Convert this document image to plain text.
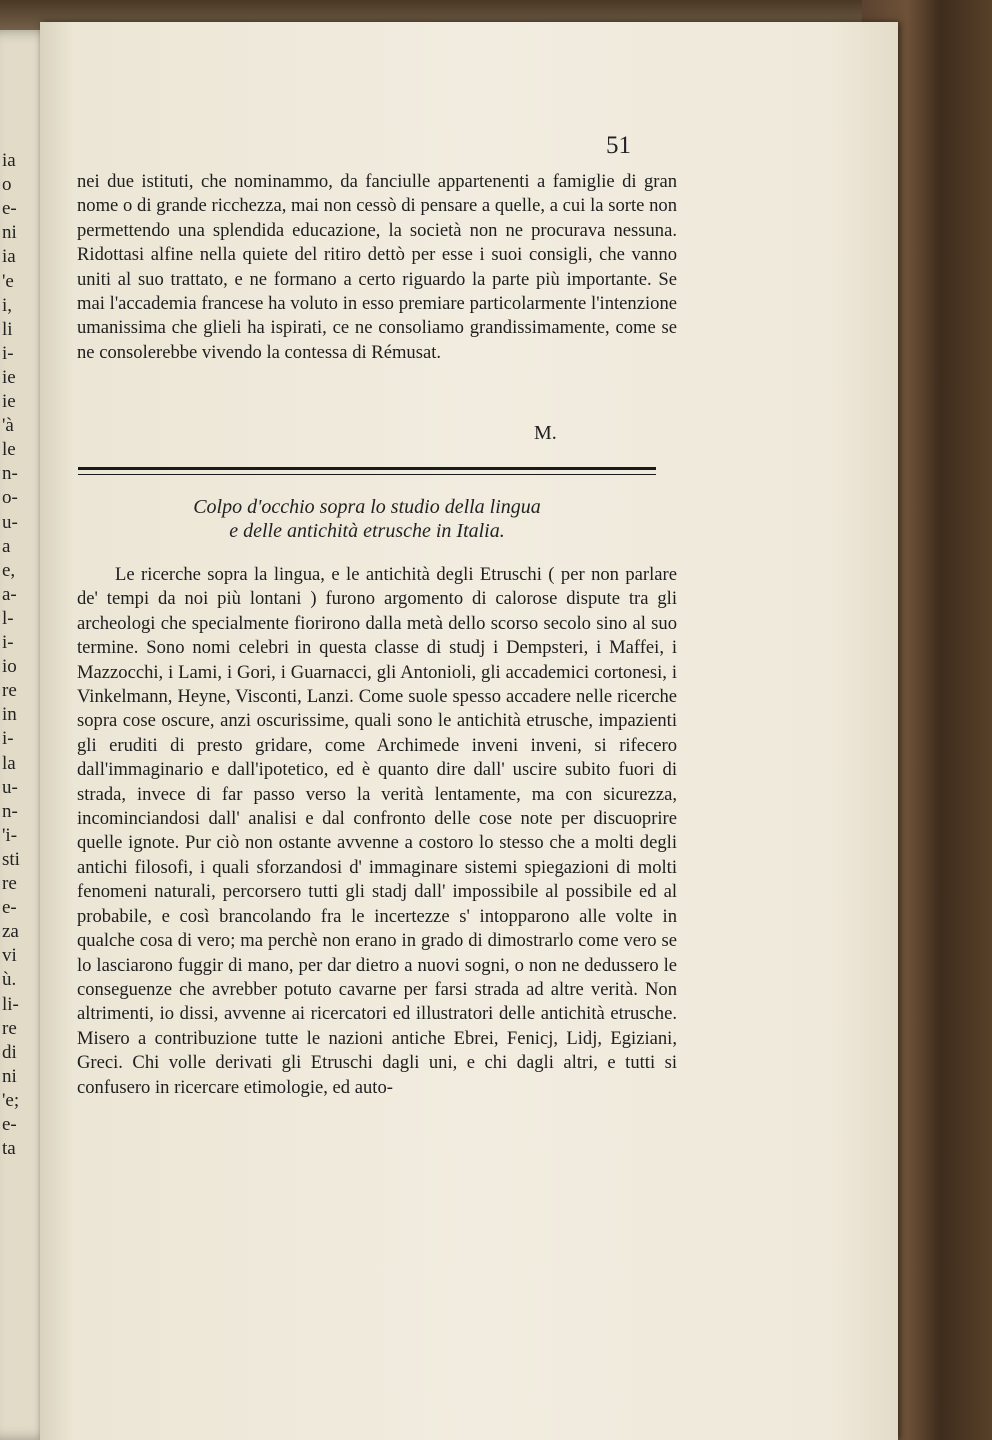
ia

o

e-

ni

ia

'e

i,

li

i-

ie

ie

'à

le

n-

o-

u-

a

e,

a-

l-

i-

io

re

in

i-

la

u-

n-

'i-

sti

re

e-

za

vi

ù.

li-

re

di

ni

'e;

e-

ta

51

nei due istituti, che nominammo, da fanciulle appartenenti a famiglie di gran nome o di grande ricchezza, mai non cessò di pensare a quelle, a cui la sorte non permettendo una splendida educazione, la società non ne procurava nessuna. Ridottasi alfine nella quiete del ritiro dettò per esse i suoi consigli, che vanno uniti al suo trattato, e ne formano a certo riguardo la parte più importante. Se mai l'accademia francese ha voluto in esso premiare particolarmente l'intenzione umanissima che glieli ha ispirati, ce ne consoliamo grandissimamente, come se ne consolerebbe vivendo la contessa di Rémusat.

M.

Colpo d'occhio sopra lo studio della lingua

e delle antichità etrusche in Italia.

Le ricerche sopra la lingua, e le antichità degli Etruschi ( per non parlare de' tempi da noi più lontani ) furono argomento di calorose dispute tra gli archeologi che specialmente fiorirono dalla metà dello scorso secolo sino al suo termine. Sono nomi celebri in questa classe di studj i Dempsteri, i Maffei, i Mazzocchi, i Lami, i Gori, i Guarnacci, gli Antonioli, gli accademici cortonesi, i Vinkelmann, Heyne, Visconti, Lanzi. Come suole spesso accadere nelle ricerche sopra cose oscure, anzi oscurissime, quali sono le antichità etrusche, impazienti gli eruditi di presto gridare, come Archimede inveni inveni, si rifecero dall'immaginario e dall'ipotetico, ed è quanto dire dall' uscire subito fuori di strada, invece di far passo verso la verità lentamente, ma con sicurezza, incominciandosi dall' analisi e dal confronto delle cose note per discuoprire quelle ignote. Pur ciò non ostante avvenne a costoro lo stesso che a molti degli antichi filosofi, i quali sforzandosi d' immaginare sistemi spiegazioni di molti fenomeni naturali, percorsero tutti gli stadj dall' impossibile al possibile ed al probabile, e così brancolando fra le incertezze s' intopparono alle volte in qualche cosa di vero; ma perchè non erano in grado di dimostrarlo come vero se lo lasciarono fuggir di mano, per dar dietro a nuovi sogni, o non ne dedussero le conseguenze che avrebber potuto cavarne per farsi strada ad altre verità. Non altrimenti, io dissi, avvenne ai ricercatori ed illustratori delle antichità etrusche. Misero a contribuzione tutte le nazioni antiche Ebrei, Fenicj, Lidj, Egiziani, Greci. Chi volle derivati gli Etruschi dagli uni, e chi dagli altri, e tutti si confusero in ricercare etimologie, ed auto-
